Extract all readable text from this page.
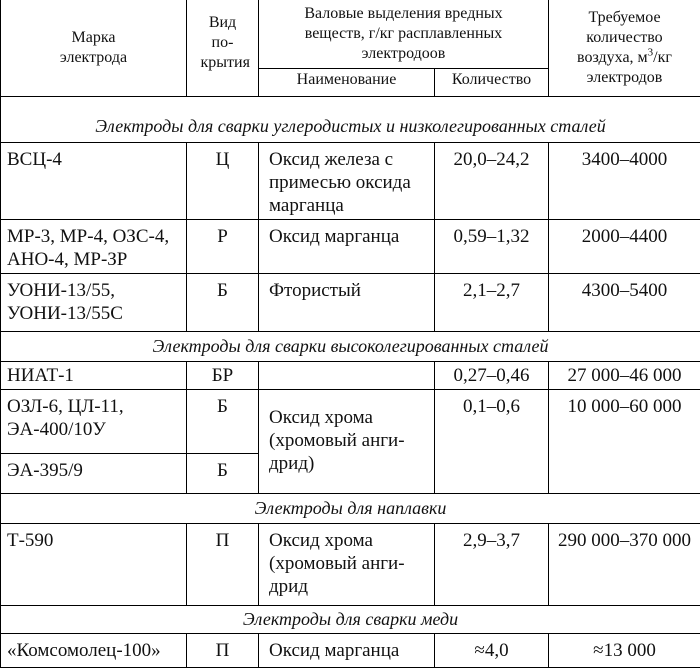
Марка электрода	Вид по- крытия	Валовые выделения вредных веществ, г/кг расплавленных электродоов		Требуемое количество воздуха, $м^3/кг$ электродов
		Наименование	Количество	
Электроды для сварки углеродистых и низколегированных сталей				
ВСЦ-4	Ц	Оксид железа с примесью оксида марганца	20,0–24,2	3400–4000
МР-3, МР-4, ОЗС-4, АНО-4, МР-ЗР	Р	Оксид марганца	0,59–1,32	2000–4400
УОНИ-13/55, УОНИ-13/55С	Б	Фтористый	2,1–2,7	4300–5400
Электроды для сварки высоколегированных сталей				
НИАТ-1	БР		0,27–0,46	27 000–46 000
ОЗЛ-6, ЦЛ-11, ЭА-400/10У	Б	Оксид хрома (хромовый анги- дрид)	0,1–0,6	10 000–60 000
ЭА-395/9	Б			
Электроды для наплавки				
Т-590	П	Оксид хрома (хромовый анги- дрид	2,9–3,7	290 000–370 000
Электроды для сварки меди				
«Комсомолец-100»	П	Оксид марганца	≈4,0	≈13 000
